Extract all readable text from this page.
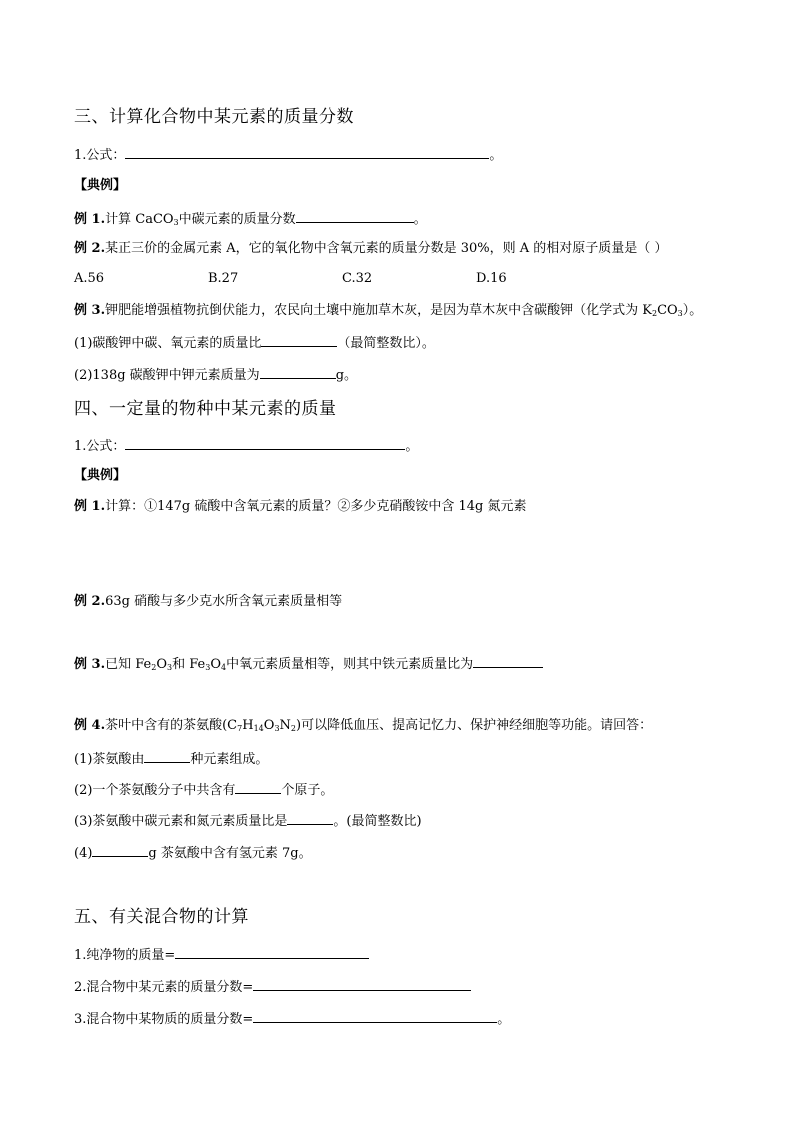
三、计算化合物中某元素的质量分数
1.公式：	。
【典例】
例 1.计算 CaCO$_3$中碳元素的质量分数	。
例 2.某正三价的金属元素 A，它的氧化物中含氧元素的质量分数是 30%，则 A 的相对原子质量是（ ）
A.56	B.27	C.32	D.16
例 3.钾肥能增强植物抗倒伏能力，农民向土壤中施加草木灰，是因为草木灰中含碳酸钾（化学式为 $K_2CO_3$）。
(1)碳酸钾中碳、氧元素的质量比	（最简整数比）。
(2)138g 碳酸钾中钾元素质量为	g。
四、一定量的物种中某元素的质量
1.公式：	。
【典例】
例 1.计算：①147g 硫酸中含氧元素的质量？②多少克硝酸铵中含 14g 氮元素
例 2.63g 硝酸与多少克水所含氧元素质量相等
例 3.已知 $Fe_2O_3$和 $Fe_3O_4$中氧元素质量相等，则其中铁元素质量比为
例 4.茶叶中含有的茶氨酸$(C_7H_{14}O_3N_2)$可以降低血压、提高记忆力、保护神经细胞等功能。请回答：
(1)茶氨酸由	种元素组成。
(2)一个茶氨酸分子中共含有	个原子。
(3)茶氨酸中碳元素和氮元素质量比是	。(最简整数比)
(4)	g 茶氨酸中含有氢元素 7g。
五、有关混合物的计算
1.纯净物的质量=
2.混合物中某元素的质量分数=
3.混合物中某物质的质量分数=	。
